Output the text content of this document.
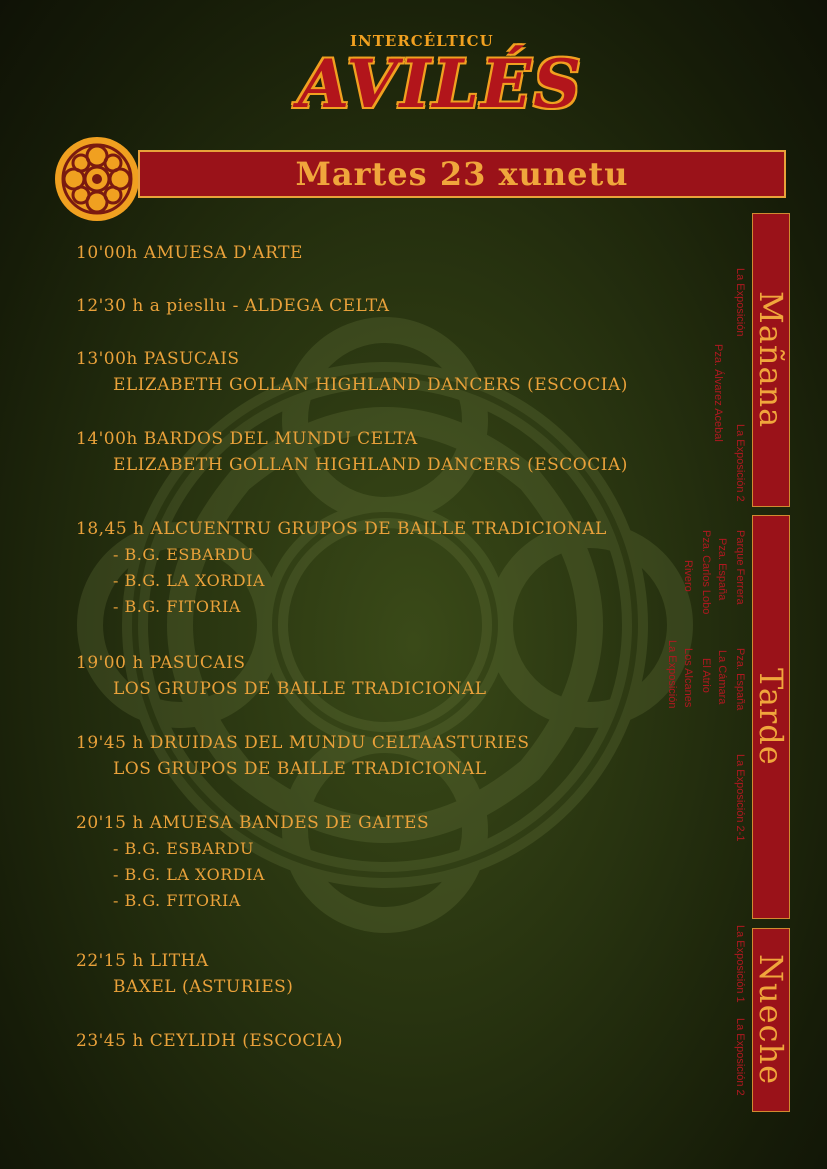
INTERCÉLTICU
AVILÉS
Martes 23 xunetu
10'00h AMUESA D'ARTE
12'30 h a piesllu - ALDEGA CELTA
13'00h PASUCAIS
ELIZABETH GOLLAN HIGHLAND DANCERS (ESCOCIA)
14'00h BARDOS DEL MUNDU CELTA
ELIZABETH GOLLAN HIGHLAND DANCERS (ESCOCIA)
18,45 h ALCUENTRU GRUPOS DE BAILLE TRADICIONAL
- B.G. ESBARDU
- B.G. LA XORDIA
- B.G. FITORIA
19'00 h PASUCAIS
LOS GRUPOS DE BAILLE TRADICIONAL
19'45 h DRUIDAS DEL MUNDU CELTAASTURIES
LOS GRUPOS DE BAILLE TRADICIONAL
20'15 h AMUESA BANDES DE GAITES
- B.G. ESBARDU
- B.G. LA XORDIA
- B.G. FITORIA
22'15 h LITHA
BAXEL (ASTURIES)
23'45 h CEYLIDH (ESCOCIA)
Mañana
Tarde
Nueche
La Exposición
Pza. Álvarez Acebal
La Exposición 2
Parque Ferrera
Pza. España
Pza. Carlos Lobo
Rivero
Pza. España
La Cámara
El Atrio
Los Alcanes
La Exposición
La Exposición 2-1
La Exposición 1
La Exposición 2
